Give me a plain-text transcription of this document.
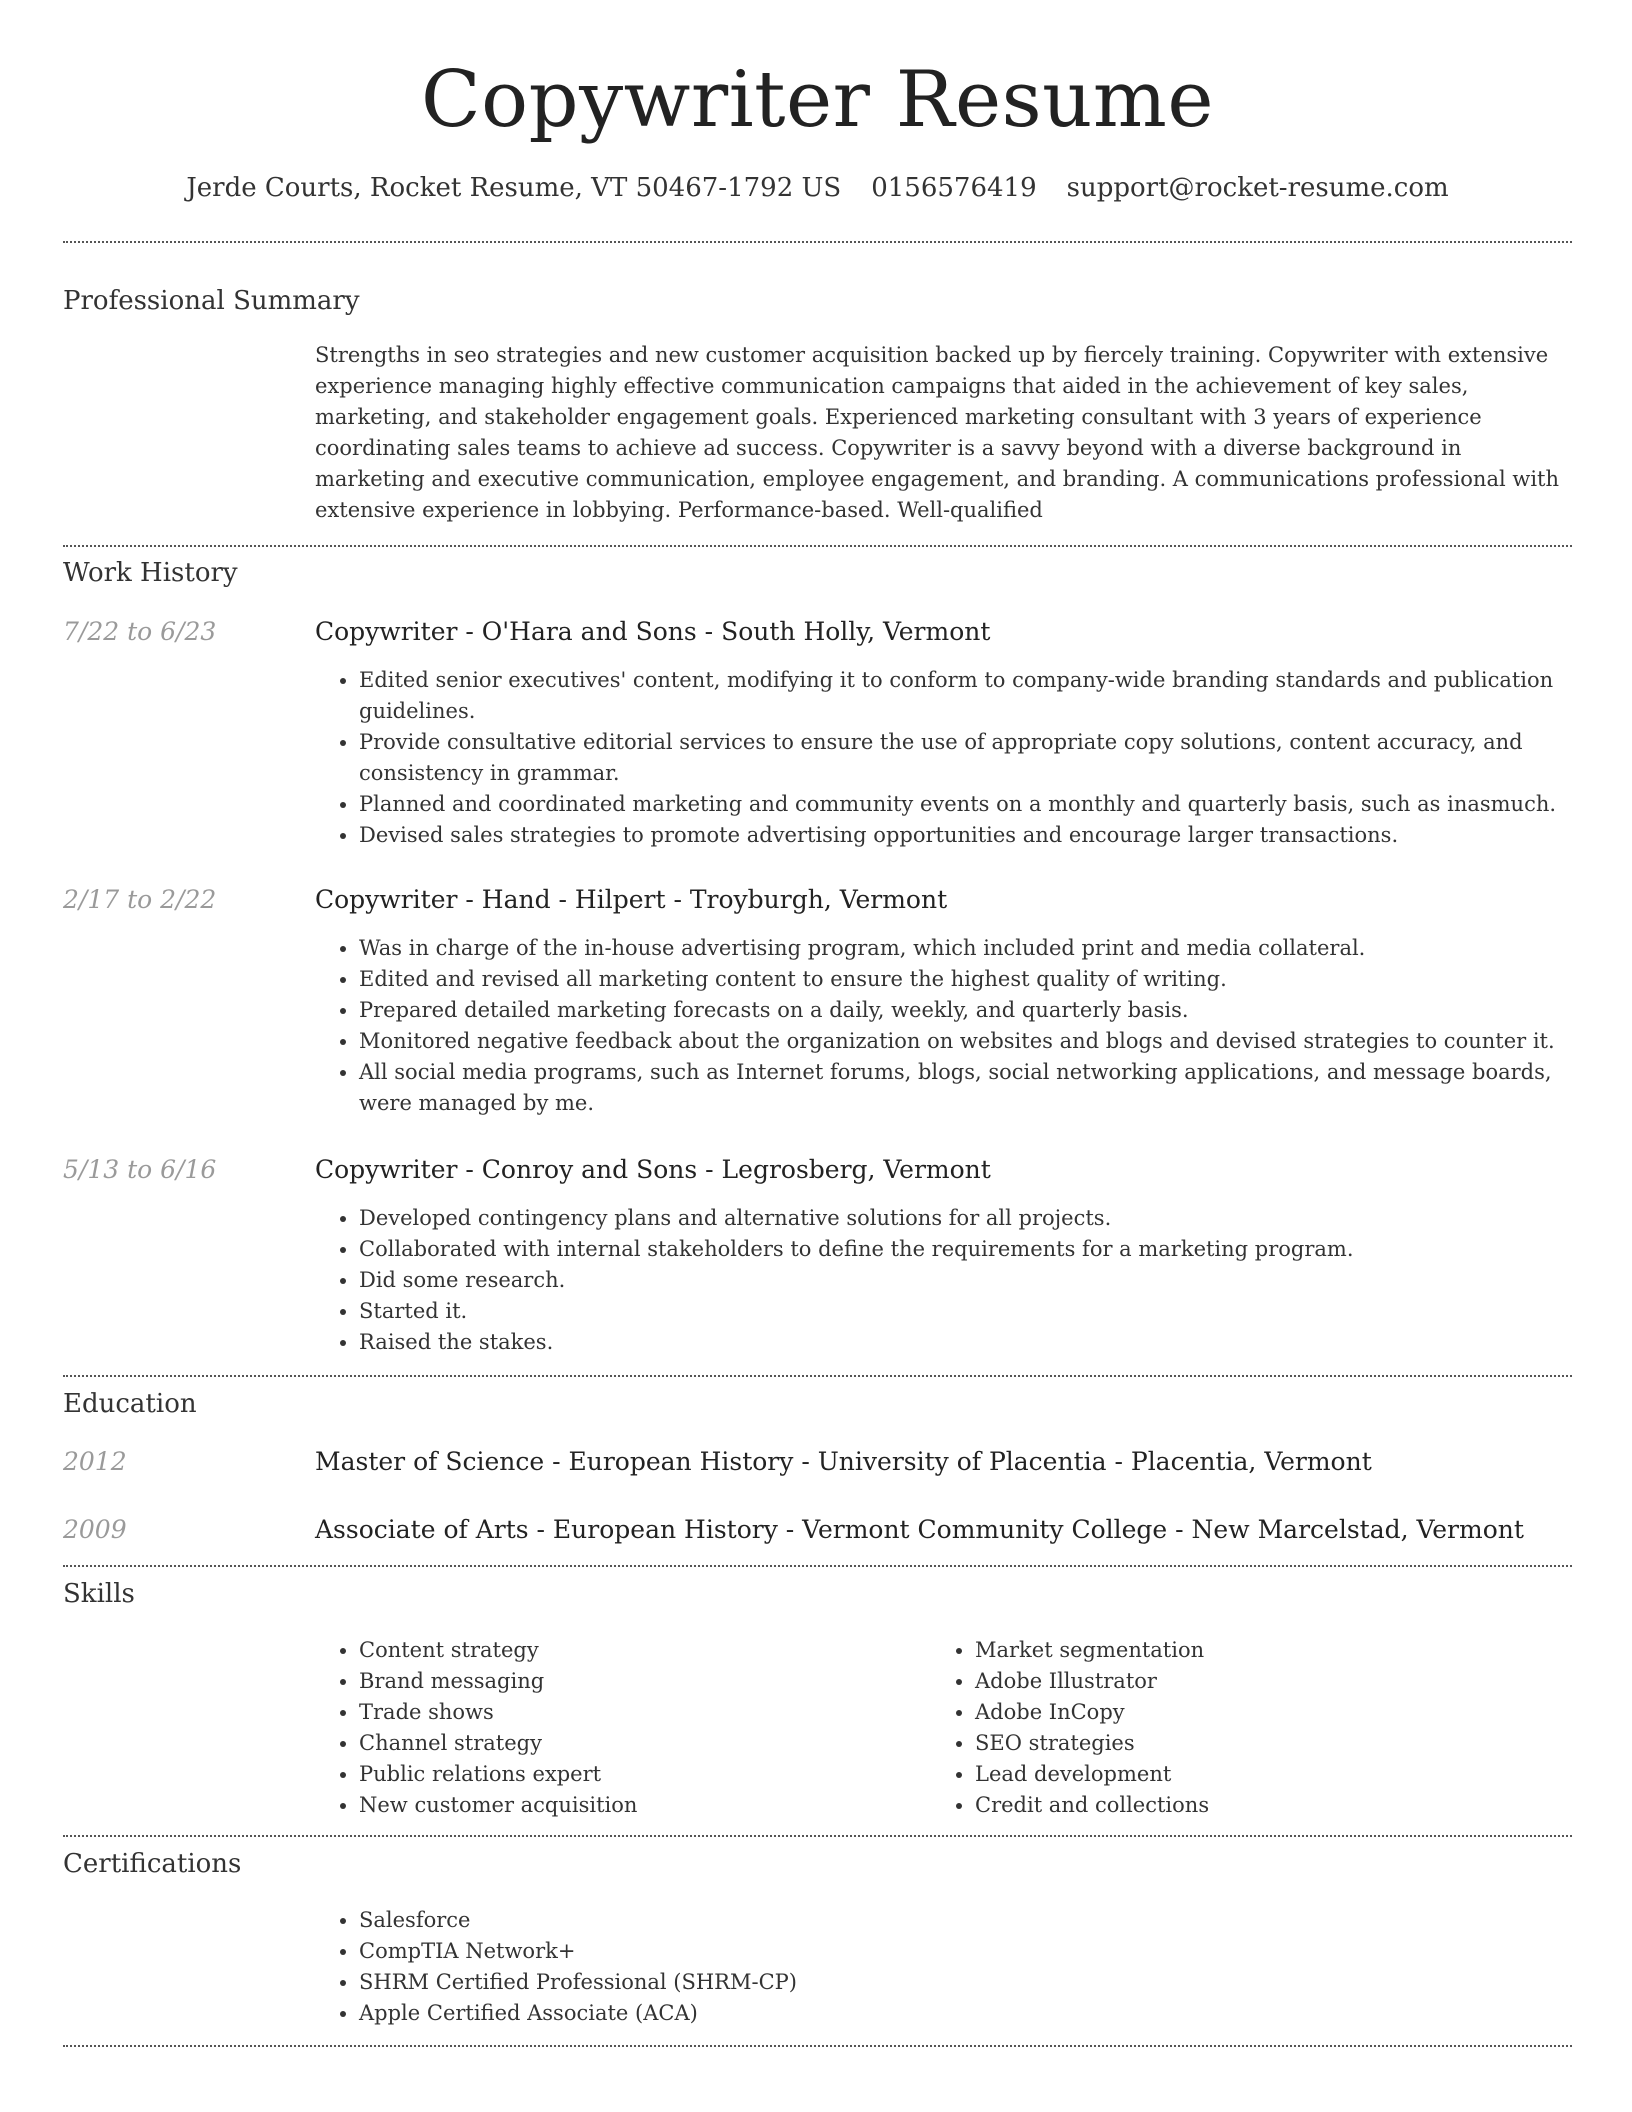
Copywriter Resume
Jerde Courts, Rocket Resume, VT 50467-1792 US 0156576419 support@rocket-resume.com
Professional Summary
Strengths in seo strategies and new customer acquisition backed up by fiercely training. Copywriter with extensive experience managing highly effective communication campaigns that aided in the achievement of key sales, marketing, and stakeholder engagement goals. Experienced marketing consultant with 3 years of experience coordinating sales teams to achieve ad success. Copywriter is a savvy beyond with a diverse background in marketing and executive communication, employee engagement, and branding. A communications professional with extensive experience in lobbying. Performance-based. Well-qualified
Work History
7/22 to 6/23	Copywriter - O'Hara and Sons - South Holly, Vermont
• Edited senior executives' content, modifying it to conform to company-wide branding standards and publication guidelines.
• Provide consultative editorial services to ensure the use of appropriate copy solutions, content accuracy, and consistency in grammar.
• Planned and coordinated marketing and community events on a monthly and quarterly basis, such as inasmuch.
• Devised sales strategies to promote advertising opportunities and encourage larger transactions.
2/17 to 2/22	Copywriter - Hand - Hilpert - Troyburgh, Vermont
• Was in charge of the in-house advertising program, which included print and media collateral.
• Edited and revised all marketing content to ensure the highest quality of writing.
• Prepared detailed marketing forecasts on a daily, weekly, and quarterly basis.
• Monitored negative feedback about the organization on websites and blogs and devised strategies to counter it.
• All social media programs, such as Internet forums, blogs, social networking applications, and message boards, were managed by me.
5/13 to 6/16	Copywriter - Conroy and Sons - Legrosberg, Vermont
• Developed contingency plans and alternative solutions for all projects.
• Collaborated with internal stakeholders to define the requirements for a marketing program.
• Did some research.
• Started it.
• Raised the stakes.
Education
2012	Master of Science - European History - University of Placentia - Placentia, Vermont
2009	Associate of Arts - European History - Vermont Community College - New Marcelstad, Vermont
Skills
• Content strategy
• Brand messaging
• Trade shows
• Channel strategy
• Public relations expert
• New customer acquisition
• Market segmentation
• Adobe Illustrator
• Adobe InCopy
• SEO strategies
• Lead development
• Credit and collections
Certifications
• Salesforce
• CompTIA Network+
• SHRM Certified Professional (SHRM-CP)
• Apple Certified Associate (ACA)
